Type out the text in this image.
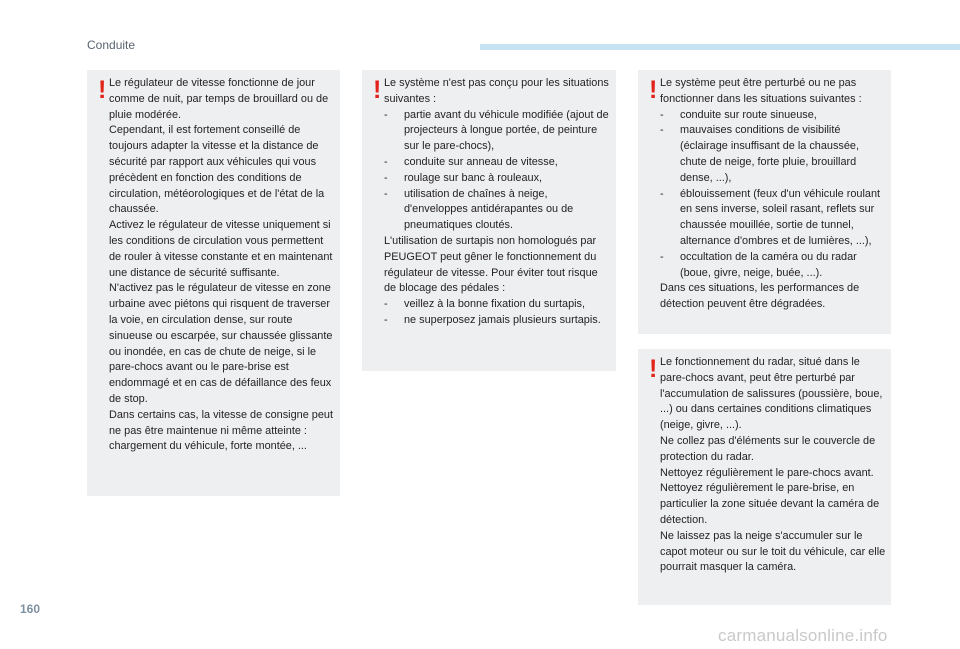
Conduite
! Le régulateur de vitesse fonctionne de jour comme de nuit, par temps de brouillard ou de pluie modérée.

Cependant, il est fortement conseillé de toujours adapter la vitesse et la distance de sécurité par rapport aux véhicules qui vous précèdent en fonction des conditions de circulation, météorologiques et de l'état de la chaussée.

Activez le régulateur de vitesse uniquement si les conditions de circulation vous permettent de rouler à vitesse constante et en maintenant une distance de sécurité suffisante.

N'activez pas le régulateur de vitesse en zone urbaine avec piétons qui risquent de traverser la voie, en circulation dense, sur route sinueuse ou escarpée, sur chaussée glissante ou inondée, en cas de chute de neige, si le pare-chocs avant ou le pare-brise est endommagé et en cas de défaillance des feux de stop.

Dans certains cas, la vitesse de consigne peut ne pas être maintenue ni même atteinte : chargement du véhicule, forte montée, ...

! Le système n'est pas conçu pour les situations suivantes :

-	partie avant du véhicule modifiée (ajout de projecteurs à longue portée, de peinture sur le pare-chocs),
-	conduite sur anneau de vitesse,
-	roulage sur banc à rouleaux,
-	utilisation de chaînes à neige, d'enveloppes antidérapantes ou de pneumatiques cloutés.

L'utilisation de surtapis non homologués par PEUGEOT peut gêner le fonctionnement du régulateur de vitesse. Pour éviter tout risque de blocage des pédales :

-	veillez à la bonne fixation du surtapis,
-	ne superposez jamais plusieurs surtapis.
! Le système peut être perturbé ou ne pas fonctionner dans les situations suivantes :

-	conduite sur route sinueuse,
-	mauvaises conditions de visibilité (éclairage insuffisant de la chaussée, chute de neige, forte pluie, brouillard dense, ...),
-	éblouissement (feux d'un véhicule roulant en sens inverse, soleil rasant, reflets sur chaussée mouillée, sortie de tunnel, alternance d'ombres et de lumières, ...),
-	occultation de la caméra ou du radar (boue, givre, neige, buée, ...).

Dans ces situations, les performances de détection peuvent être dégradées.

! Le fonctionnement du radar, situé dans le pare-chocs avant, peut être perturbé par l'accumulation de salissures (poussière, boue, ...) ou dans certaines conditions climatiques (neige, givre, ...).

Ne collez pas d'éléments sur le couvercle de protection du radar.

Nettoyez régulièrement le pare-chocs avant.

Nettoyez régulièrement le pare-brise, en particulier la zone située devant la caméra de détection.

Ne laissez pas la neige s'accumuler sur le capot moteur ou sur le toit du véhicule, car elle pourrait masquer la caméra.

160
carmanualsonline.info
